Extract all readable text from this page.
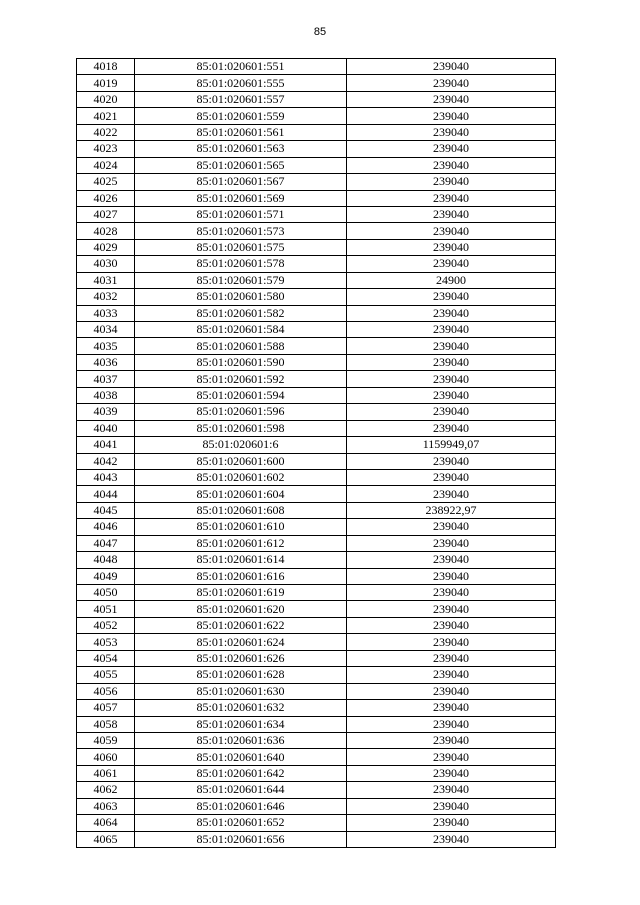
85
4018	85:01:020601:551	239040
4019	85:01:020601:555	239040
4020	85:01:020601:557	239040
4021	85:01:020601:559	239040
4022	85:01:020601:561	239040
4023	85:01:020601:563	239040
4024	85:01:020601:565	239040
4025	85:01:020601:567	239040
4026	85:01:020601:569	239040
4027	85:01:020601:571	239040
4028	85:01:020601:573	239040
4029	85:01:020601:575	239040
4030	85:01:020601:578	239040
4031	85:01:020601:579	24900
4032	85:01:020601:580	239040
4033	85:01:020601:582	239040
4034	85:01:020601:584	239040
4035	85:01:020601:588	239040
4036	85:01:020601:590	239040
4037	85:01:020601:592	239040
4038	85:01:020601:594	239040
4039	85:01:020601:596	239040
4040	85:01:020601:598	239040
4041	85:01:020601:6	1159949,07
4042	85:01:020601:600	239040
4043	85:01:020601:602	239040
4044	85:01:020601:604	239040
4045	85:01:020601:608	238922,97
4046	85:01:020601:610	239040
4047	85:01:020601:612	239040
4048	85:01:020601:614	239040
4049	85:01:020601:616	239040
4050	85:01:020601:619	239040
4051	85:01:020601:620	239040
4052	85:01:020601:622	239040
4053	85:01:020601:624	239040
4054	85:01:020601:626	239040
4055	85:01:020601:628	239040
4056	85:01:020601:630	239040
4057	85:01:020601:632	239040
4058	85:01:020601:634	239040
4059	85:01:020601:636	239040
4060	85:01:020601:640	239040
4061	85:01:020601:642	239040
4062	85:01:020601:644	239040
4063	85:01:020601:646	239040
4064	85:01:020601:652	239040
4065	85:01:020601:656	239040
